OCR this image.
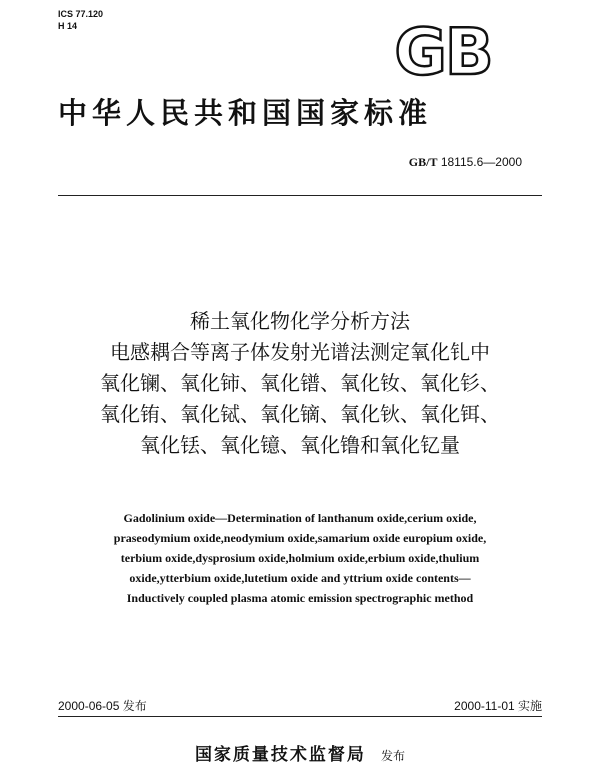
ICS 77.120
H 14	GB
中华人民共和国国家标准
GB/T 18115.6—2000
稀土氧化物化学分析方法
电感耦合等离子体发射光谱法测定氧化钆中
氧化镧、氧化铈、氧化镨、氧化钕、氧化钐、
氧化铕、氧化铽、氧化镝、氧化钬、氧化铒、
氧化铥、氧化镱、氧化镥和氧化钇量
Gadolinium oxide—Determination of lanthanum oxide,cerium oxide,
praseodymium oxide,neodymium oxide,samarium oxide europium oxide,
terbium oxide,dysprosium oxide,holmium oxide,erbium oxide,thulium
oxide,ytterbium oxide,lutetium oxide and yttrium oxide contents—
Inductively coupled plasma atomic emission spectrographic method
2000-06-05 发布	2000-11-01 实施
国家质量技术监督局 发布
